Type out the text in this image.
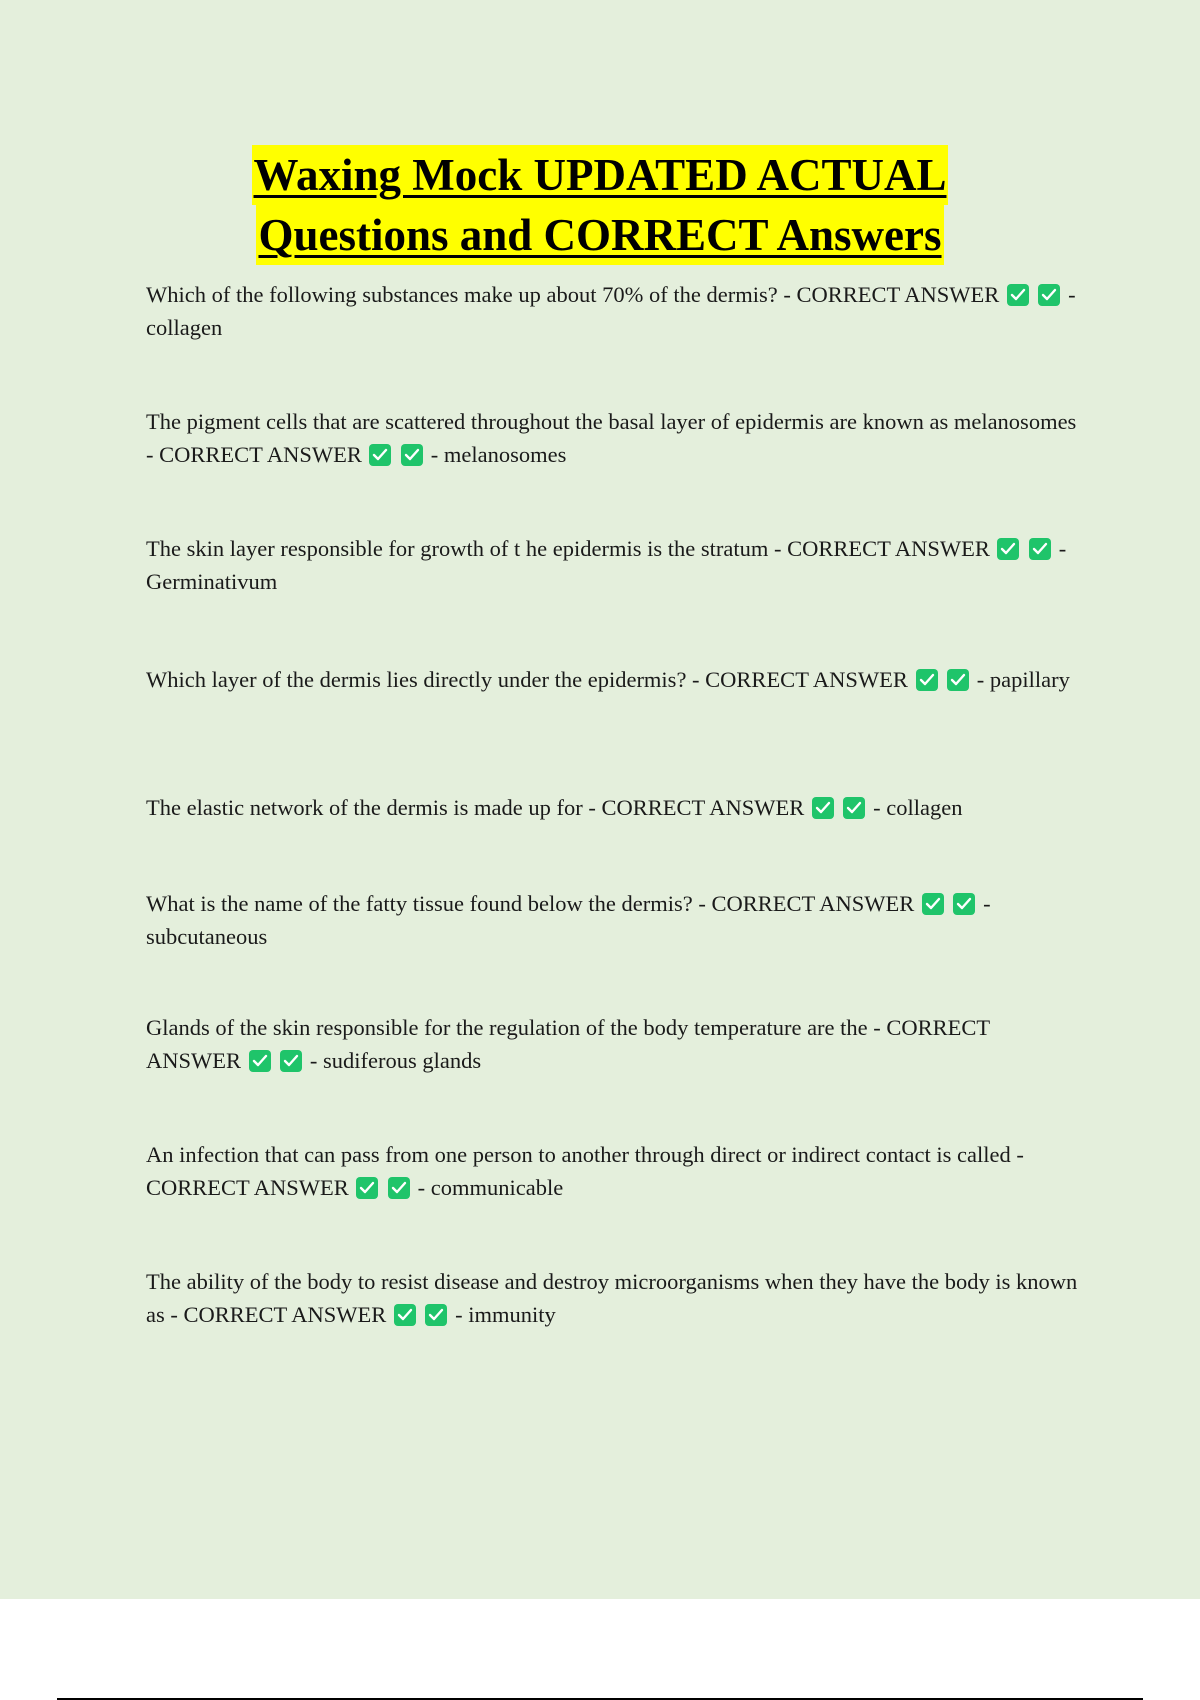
Waxing Mock UPDATED ACTUAL
Questions and CORRECT Answers

Which of the following substances make up about 70% of the dermis? - CORRECT ANSWER
	- collagen

The pigment cells that are scattered throughout the basal layer of epidermis are known as melanosomes - CORRECT ANSWER
	- melanosomes

The skin layer responsible for growth of t he epidermis is the stratum - CORRECT ANSWER
	- Germinativum

Which layer of the dermis lies directly under the epidermis? - CORRECT ANSWER
	- papillary

The elastic network of the dermis is made up for - CORRECT ANSWER
	- collagen

What is the name of the fatty tissue found below the dermis? - CORRECT ANSWER
	- subcutaneous

Glands of the skin responsible for the regulation of the body temperature are the - CORRECT ANSWER
	- sudiferous glands

An infection that can pass from one person to another through direct or indirect contact is called - CORRECT ANSWER
	- communicable

The ability of the body to resist disease and destroy microorganisms when they have the body is known as - CORRECT ANSWER
	- immunity
